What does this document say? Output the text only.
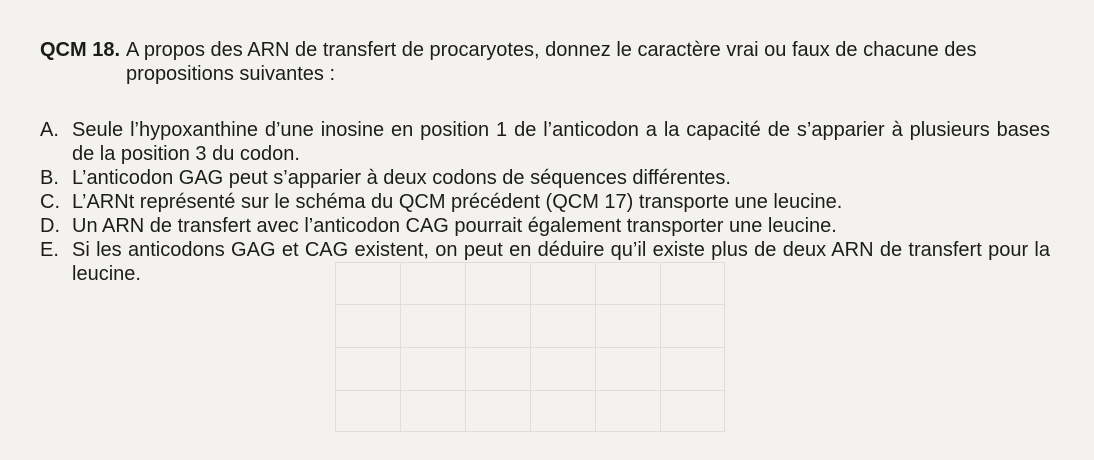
QCM 18. A propos des ARN de transfert de procaryotes, donnez le caractère vrai ou faux de chacune des propositions suivantes :

A. Seule l’hypoxanthine d’une inosine en position 1 de l’anticodon a la capacité de s’apparier à plusieurs bases de la position 3 du codon.
B. L’anticodon GAG peut s’apparier à deux codons de séquences différentes.
C. L’ARNt représenté sur le schéma du QCM précédent (QCM 17) transporte une leucine.
D. Un ARN de transfert avec l’anticodon CAG pourrait également transporter une leucine.
E. Si les anticodons GAG et CAG existent, on peut en déduire qu’il existe plus de deux ARN de transfert pour la leucine.
